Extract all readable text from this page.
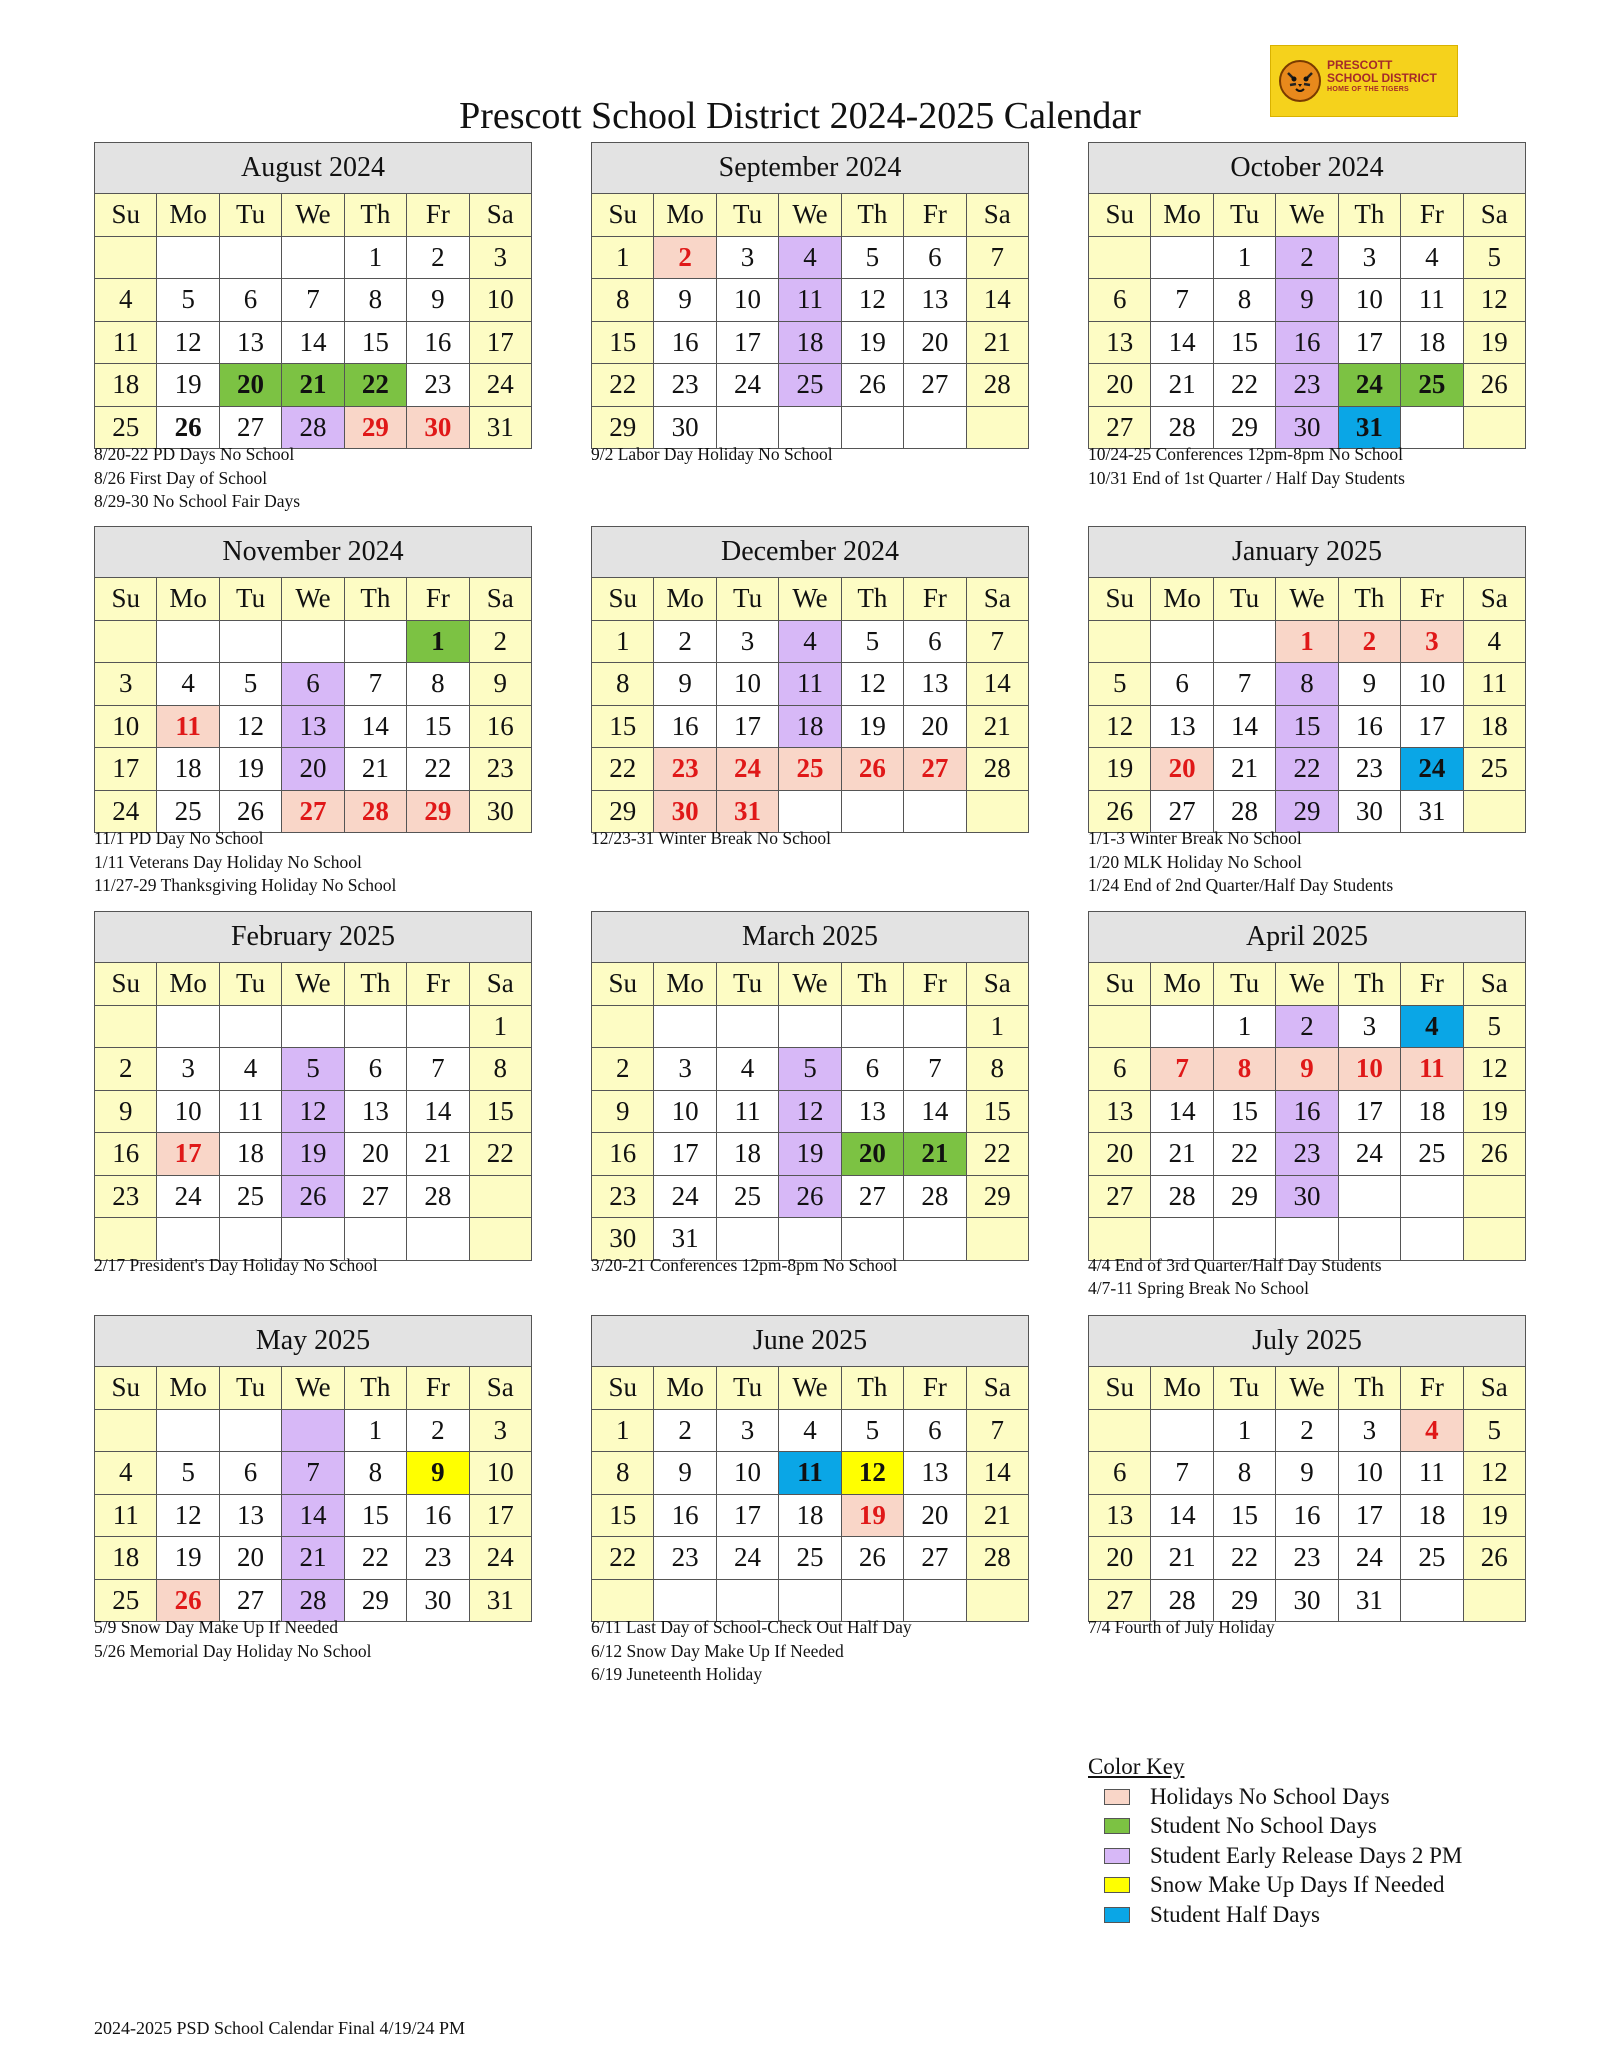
Prescott School District 2024-2025 Calendar
PRESCOTT
SCHOOL DISTRICT
HOME OF THE TIGERS
August 2024						
Su	Mo	Tu	We	Th	Fr	Sa
				1	2	3
4	5	6	7	8	9	10
11	12	13	14	15	16	17
18	19	20	21	22	23	24
25	26	27	28	29	30	31
8/20-22 PD Days No School
8/26 First Day of School
8/29-30 No School Fair Days
September 2024						
Su	Mo	Tu	We	Th	Fr	Sa
1	2	3	4	5	6	7
8	9	10	11	12	13	14
15	16	17	18	19	20	21
22	23	24	25	26	27	28
29	30					
9/2 Labor Day Holiday No School
October 2024						
Su	Mo	Tu	We	Th	Fr	Sa
		1	2	3	4	5
6	7	8	9	10	11	12
13	14	15	16	17	18	19
20	21	22	23	24	25	26
27	28	29	30	31		
10/24-25 Conferences 12pm-8pm No School
10/31 End of 1st Quarter / Half Day Students
November 2024						
Su	Mo	Tu	We	Th	Fr	Sa
					1	2
3	4	5	6	7	8	9
10	11	12	13	14	15	16
17	18	19	20	21	22	23
24	25	26	27	28	29	30
11/1 PD Day No School
1/11 Veterans Day Holiday No School
11/27-29 Thanksgiving Holiday No School
December 2024						
Su	Mo	Tu	We	Th	Fr	Sa
1	2	3	4	5	6	7
8	9	10	11	12	13	14
15	16	17	18	19	20	21
22	23	24	25	26	27	28
29	30	31				
12/23-31 Winter Break No School
January 2025						
Su	Mo	Tu	We	Th	Fr	Sa
			1	2	3	4
5	6	7	8	9	10	11
12	13	14	15	16	17	18
19	20	21	22	23	24	25
26	27	28	29	30	31	
1/1-3 Winter Break No School
1/20 MLK Holiday No School
1/24 End of 2nd Quarter/Half Day Students
February 2025						
Su	Mo	Tu	We	Th	Fr	Sa
						1
2	3	4	5	6	7	8
9	10	11	12	13	14	15
16	17	18	19	20	21	22
23	24	25	26	27	28	

2/17 President's Day Holiday No School
March 2025						
Su	Mo	Tu	We	Th	Fr	Sa
						1
2	3	4	5	6	7	8
9	10	11	12	13	14	15
16	17	18	19	20	21	22
23	24	25	26	27	28	29
30	31					
3/20-21 Conferences 12pm-8pm No School
April 2025						
Su	Mo	Tu	We	Th	Fr	Sa
		1	2	3	4	5
6	7	8	9	10	11	12
13	14	15	16	17	18	19
20	21	22	23	24	25	26
27	28	29	30			

4/4 End of 3rd Quarter/Half Day Students
4/7-11 Spring Break No School
May 2025						
Su	Mo	Tu	We	Th	Fr	Sa
				1	2	3
4	5	6	7	8	9	10
11	12	13	14	15	16	17
18	19	20	21	22	23	24
25	26	27	28	29	30	31
5/9 Snow Day Make Up If Needed
5/26 Memorial Day Holiday No School
June 2025						
Su	Mo	Tu	We	Th	Fr	Sa
1	2	3	4	5	6	7
8	9	10	11	12	13	14
15	16	17	18	19	20	21
22	23	24	25	26	27	28

6/11 Last Day of School-Check Out Half Day
6/12 Snow Day Make Up If Needed
6/19 Juneteenth Holiday
July 2025						
Su	Mo	Tu	We	Th	Fr	Sa
		1	2	3	4	5
6	7	8	9	10	11	12
13	14	15	16	17	18	19
20	21	22	23	24	25	26
27	28	29	30	31		
7/4 Fourth of July Holiday
Color Key
Holidays No School Days
Student No School Days
Student Early Release Days 2 PM
Snow Make Up Days If Needed
Student Half Days
2024-2025 PSD School Calendar Final 4/19/24 PM
